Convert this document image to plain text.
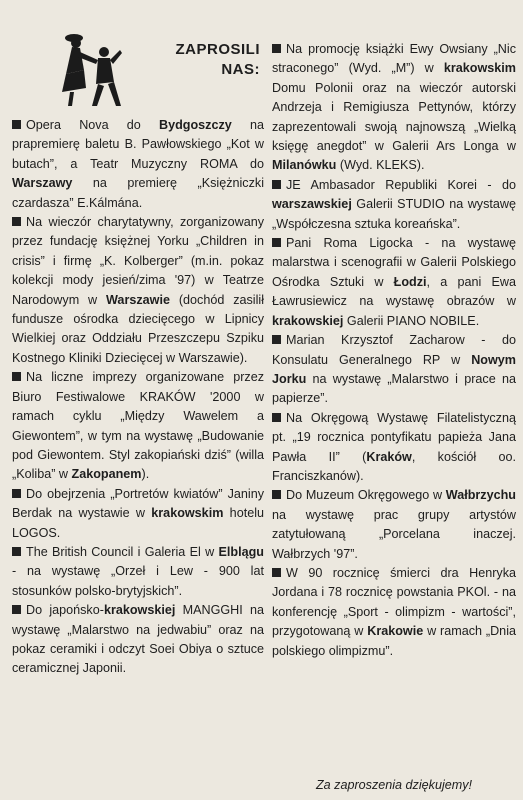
ZAPROSILI
NAS:

Opera Nova do Bydgoszczy na prapremierę baletu B. Pawłowskiego „Kot w butach”, a Teatr Muzyczny ROMA do Warszawy na premierę „Księżniczki czardasza” E.Kálmána.

Na wieczór charytatywny, zorganizowany przez fundację księżnej Yorku „Children in crisis” i firmę „K. Kolberger” (m.in. pokaz kolekcji mody jesień/zima '97) w Teatrze Narodowym w Warszawie (dochód zasilił fundusze ośrodka dziecięcego w Lipnicy Wielkiej oraz Oddziału Przeszczepu Szpiku Kostnego Kliniki Dziecięcej w Warszawie).

Na liczne imprezy organizowane przez Biuro Festiwalowe KRAKÓW '2000 w ramach cyklu „Między Wawelem a Giewontem”, w tym na wystawę „Budowanie pod Giewontem. Styl zakopiański dziś” (willa „Koliba” w Zakopanem).

Do obejrzenia „Portretów kwiatów” Janiny Berdak na wystawie w krakowskim hotelu LOGOS.

The British Council i Galeria El w Elblągu - na wystawę „Orzeł i Lew - 900 lat stosunków polsko-brytyjskich”.

Do japońsko-krakowskiej MANGGHI na wystawę „Malarstwo na jedwabiu” oraz na pokaz ceramiki i odczyt Soei Obiya o sztuce ceramicznej Japonii.

Na promocję książki Ewy Owsiany „Nic straconego” (Wyd. „M”) w krakowskim Domu Polonii oraz na wieczór autorski Andrzeja i Remigiusza Pettynów, którzy zaprezentowali swoją najnowszą „Wielką księgę anegdot” w Galerii Ars Longa w Milanówku (Wyd. KLEKS).

JE Ambasador Republiki Korei - do warszawskiej Galerii STUDIO na wystawę „Współczesna sztuka koreańska”.

Pani Roma Ligocka - na wystawę malarstwa i scenografii w Galerii Polskiego Ośrodka Sztuki w Łodzi, a pani Ewa Ławrusiewicz na wystawę obrazów w krakowskiej Galerii PIANO NOBILE.

Marian Krzysztof Zacharow - do Konsulatu Generalnego RP w Nowym Jorku na wystawę „Malarstwo i prace na papierze”.

Na Okręgową Wystawę Filatelistyczną pt. „19 rocznica pontyfikatu papieża Jana Pawła II” (Kraków, kościół oo. Franciszkanów).

Do Muzeum Okręgowego w Wałbrzychu na wystawę prac grupy artystów zatytułowaną „Porcelana inaczej. Wałbrzych '97”.

W 90 rocznicę śmierci dra Henryka Jordana i 78 rocznicę powstania PKOl. - na konferencję „Sport - olimpizm - wartości”, przygotowaną w Krakowie w ramach „Dnia polskiego olimpizmu”.

Za zaproszenia dziękujemy!
